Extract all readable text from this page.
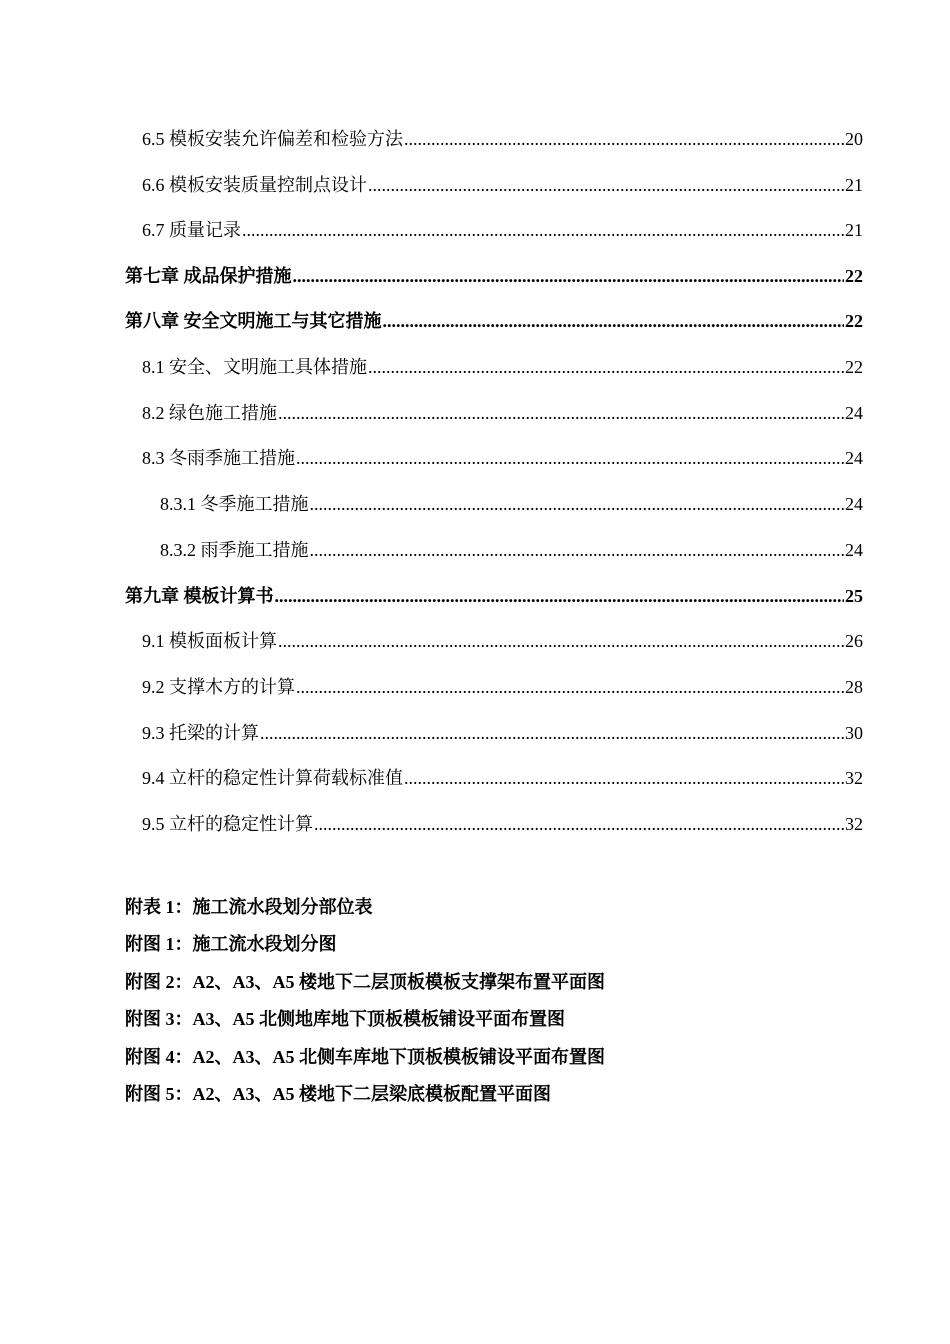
6.5 模板安装允许偏差和检验方法 .....	20
6.6 模板安装质量控制点设计 .....	21
6.7 质量记录 .....	21
第七章 成品保护措施 .....	22
第八章 安全文明施工与其它措施 .....	22
8.1 安全、文明施工具体措施 .....	22
8.2 绿色施工措施 .....	24
8.3 冬雨季施工措施 .....	24
8.3.1 冬季施工措施 .....	24
8.3.2 雨季施工措施 .....	24
第九章 模板计算书 .....	25
9.1 模板面板计算 .....	26
9.2 支撑木方的计算 .....	28
9.3 托梁的计算 .....	30
9.4 立杆的稳定性计算荷载标准值 .....	32
9.5 立杆的稳定性计算 .....	32
附表 1：施工流水段划分部位表
附图 1：施工流水段划分图
附图 2：A2、A3、A5 楼地下二层顶板模板支撑架布置平面图
附图 3：A3、A5 北侧地库地下顶板模板铺设平面布置图
附图 4：A2、A3、A5 北侧车库地下顶板模板铺设平面布置图
附图 5：A2、A3、A5 楼地下二层梁底模板配置平面图
